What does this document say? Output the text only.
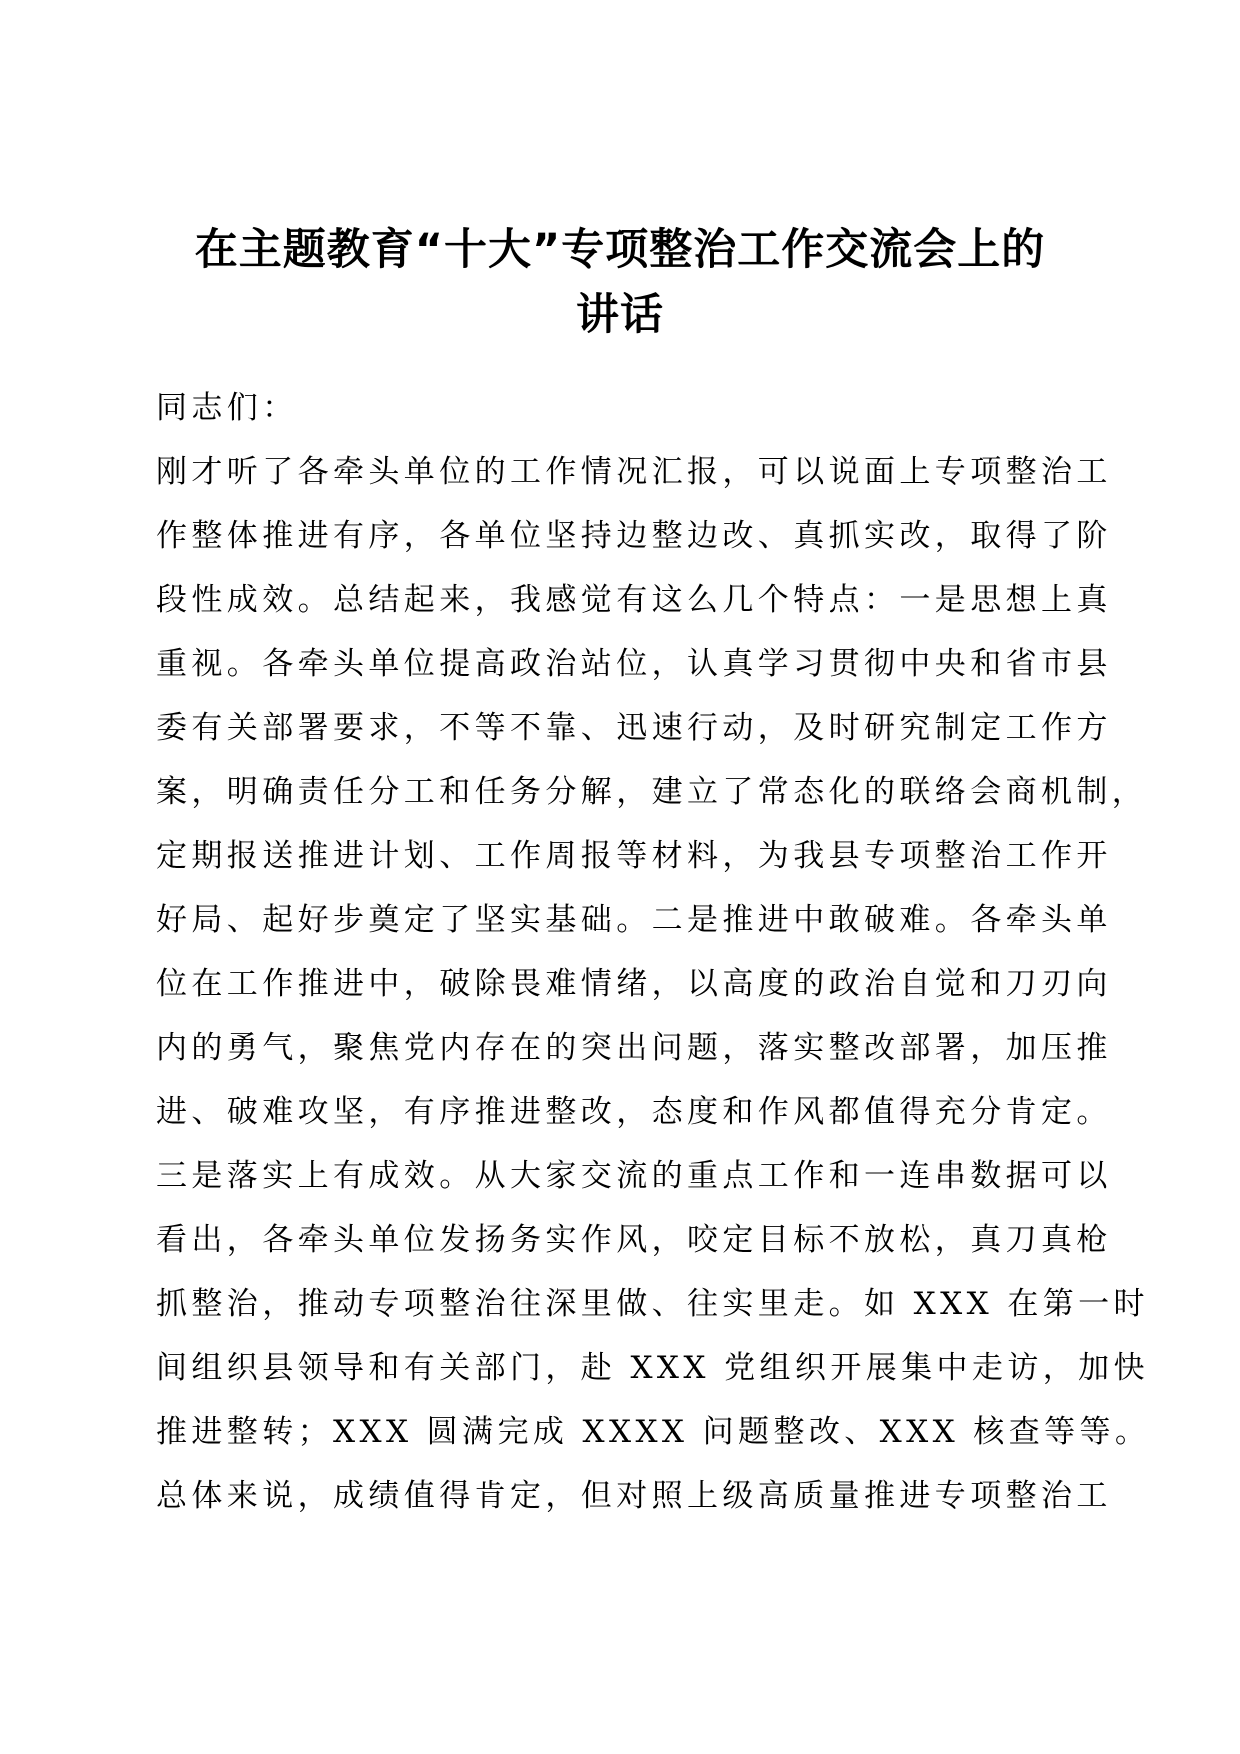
在主题教育“十大”专项整治工作交流会上的
讲话
同志们：
刚才听了各牵头单位的工作情况汇报，可以说面上专项整治工
作整体推进有序，各单位坚持边整边改、真抓实改，取得了阶
段性成效。总结起来，我感觉有这么几个特点：一是思想上真
重视。各牵头单位提高政治站位，认真学习贯彻中央和省市县
委有关部署要求，不等不靠、迅速行动，及时研究制定工作方
案，明确责任分工和任务分解，建立了常态化的联络会商机制，
定期报送推进计划、工作周报等材料，为我县专项整治工作开
好局、起好步奠定了坚实基础。二是推进中敢破难。各牵头单
位在工作推进中，破除畏难情绪，以高度的政治自觉和刀刃向
内的勇气，聚焦党内存在的突出问题，落实整改部署，加压推
进、破难攻坚，有序推进整改，态度和作风都值得充分肯定。
三是落实上有成效。从大家交流的重点工作和一连串数据可以
看出，各牵头单位发扬务实作风，咬定目标不放松，真刀真枪
抓整治，推动专项整治往深里做、往实里走。如 XXX 在第一时
间组织县领导和有关部门，赴 XXX 党组织开展集中走访，加快
推进整转；XXX 圆满完成 XXXX 问题整改、XXX 核查等等。
总体来说，成绩值得肯定，但对照上级高质量推进专项整治工
